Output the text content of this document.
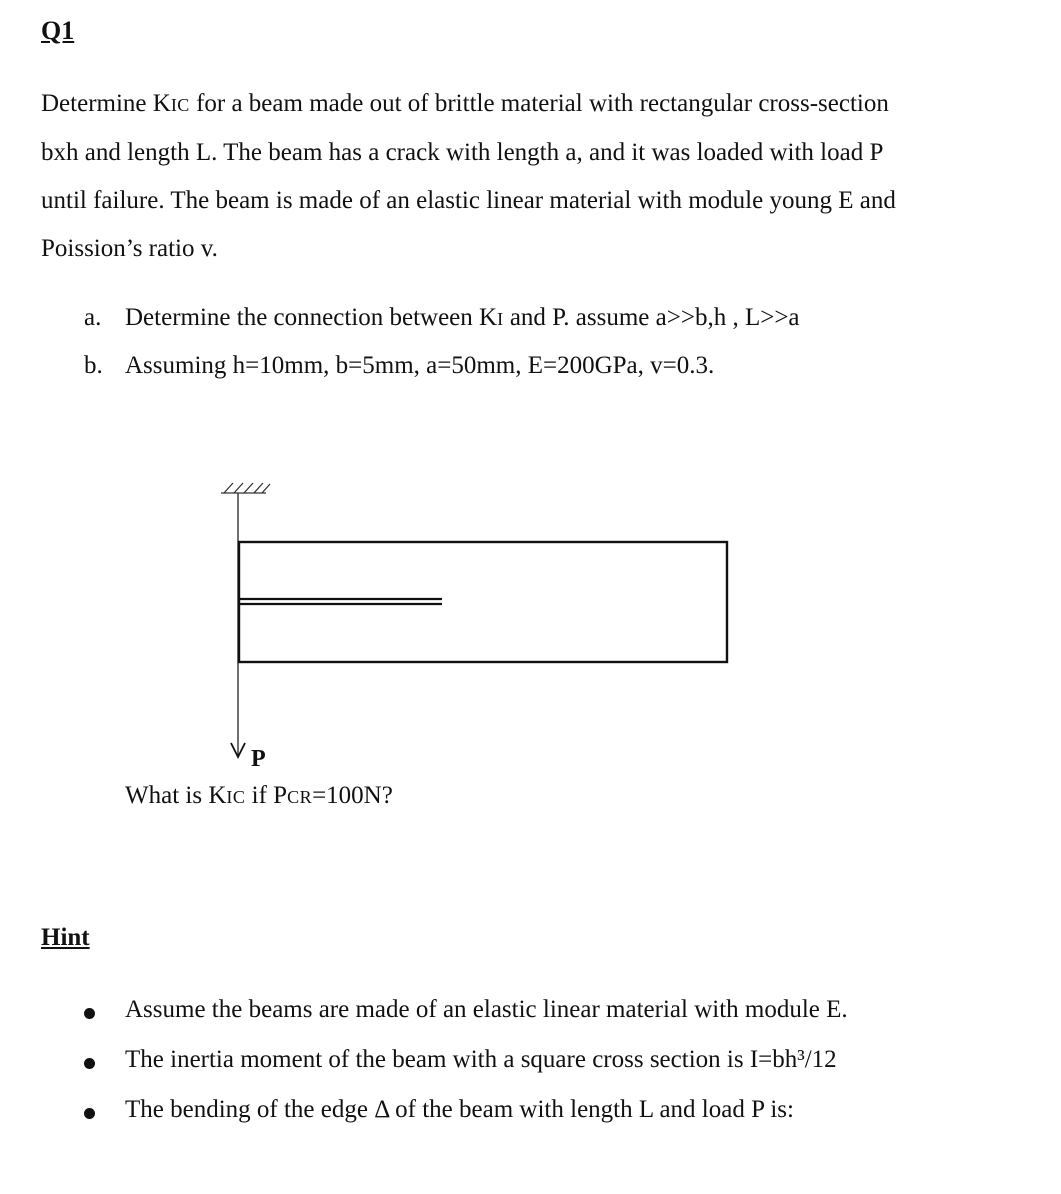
Q1
Determine KIC for a beam made out of brittle material with rectangular cross-section
bxh and length L. The beam has a crack with length a, and it was loaded with load P
until failure. The beam is made of an elastic linear material with module young E and
Poission’s ratio v.
a. Determine the connection between KI and P. assume a>>b,h , L>>a
b. Assuming h=10mm, b=5mm, a=50mm, E=200GPa, v=0.3.
P
What is KIC if PCR=100N?
Hint
Assume the beams are made of an elastic linear material with module E.
The inertia moment of the beam with a square cross section is I=bh³/12
The bending of the edge Δ of the beam with length L and load P is:
